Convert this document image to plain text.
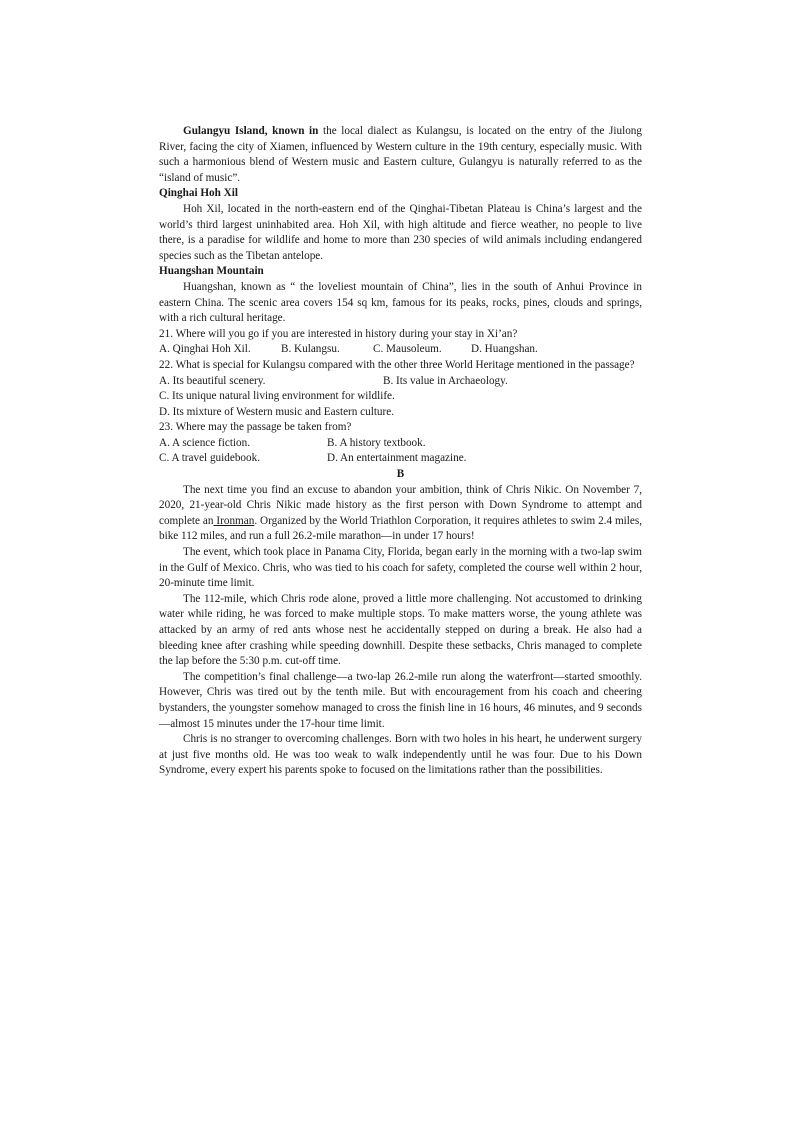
Gulangyu Island, known in the local dialect as Kulangsu, is located on the entry of the Jiulong River, facing the city of Xiamen, influenced by Western culture in the 19th century, especially music. With such a harmonious blend of Western music and Eastern culture, Gulangyu is naturally referred to as the “island of music”.

Qinghai Hoh Xil

Hoh Xil, located in the north-eastern end of the Qinghai-Tibetan Plateau is China’s largest and the world’s third largest uninhabited area. Hoh Xil, with high altitude and fierce weather, no people to live there, is a paradise for wildlife and home to more than 230 species of wild animals including endangered species such as the Tibetan antelope.

Huangshan Mountain

Huangshan, known as “ the loveliest mountain of China”, lies in the south of Anhui Province in eastern China. The scenic area covers 154 sq km, famous for its peaks, rocks, pines, clouds and springs, with a rich cultural heritage.

21. Where will you go if you are interested in history during your stay in Xi’an?

A. Qinghai Hoh Xil.	B. Kulangsu.	C. Mausoleum.	D. Huangshan.

22. What is special for Kulangsu compared with the other three World Heritage mentioned in the passage?

A. Its beautiful scenery.	B. Its value in Archaeology.

C. Its unique natural living environment for wildlife.

D. Its mixture of Western music and Eastern culture.

23. Where may the passage be taken from?

A. A science fiction.	B. A history textbook.
C. A travel guidebook.	D. An entertainment magazine.

B

The next time you find an excuse to abandon your ambition, think of Chris Nikic. On November 7, 2020, 21-year-old Chris Nikic made history as the first person with Down Syndrome to attempt and complete an Ironman. Organized by the World Triathlon Corporation, it requires athletes to swim 2.4 miles, bike 112 miles, and run a full 26.2-mile marathon—in under 17 hours!

The event, which took place in Panama City, Florida, began early in the morning with a two-lap swim in the Gulf of Mexico. Chris, who was tied to his coach for safety, completed the course well within 2 hour, 20-minute time limit.

The 112-mile, which Chris rode alone, proved a little more challenging. Not accustomed to drinking water while riding, he was forced to make multiple stops. To make matters worse, the young athlete was attacked by an army of red ants whose nest he accidentally stepped on during a break. He also had a bleeding knee after crashing while speeding downhill. Despite these setbacks, Chris managed to complete the lap before the 5:30 p.m. cut-off time.

The competition’s final challenge—a two-lap 26.2-mile run along the waterfront—started smoothly. However, Chris was tired out by the tenth mile. But with encouragement from his coach and cheering bystanders, the youngster somehow managed to cross the finish line in 16 hours, 46 minutes, and 9 seconds—almost 15 minutes under the 17-hour time limit.

Chris is no stranger to overcoming challenges. Born with two holes in his heart, he underwent surgery at just five months old. He was too weak to walk independently until he was four. Due to his Down Syndrome, every expert his parents spoke to focused on the limitations rather than the possibilities.
